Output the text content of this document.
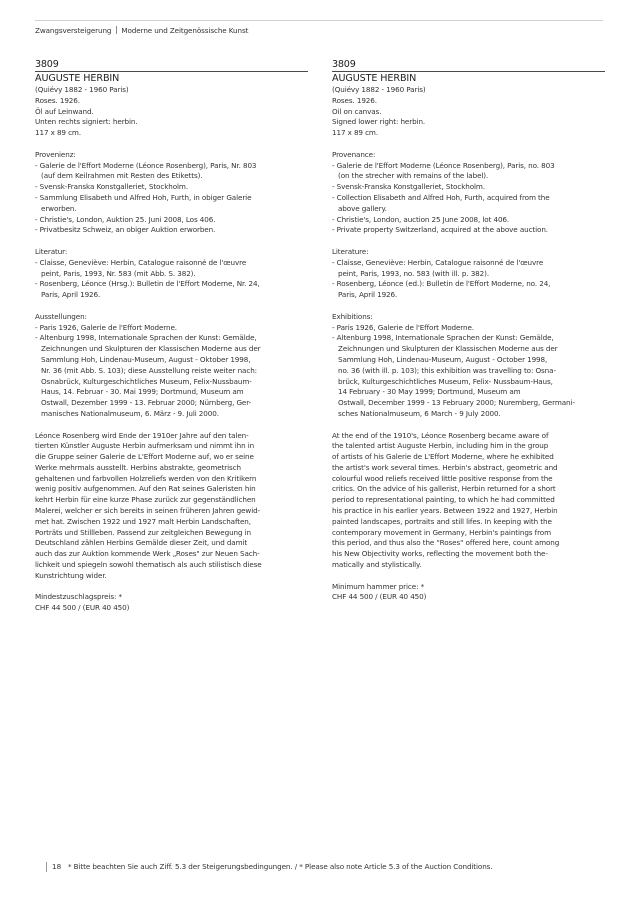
Zwangsversteigerung Moderne und Zeitgenössische Kunst
3809
AUGUSTE HERBIN
(Quiévy 1882 - 1960 Paris)
Roses. 1926.
Öl auf Leinwand.
Unten rechts signiert: herbin.
117 x 89 cm.
Provenienz:
- Galerie de l'Effort Moderne (Léonce Rosenberg), Paris, Nr. 803
(auf dem Keilrahmen mit Resten des Etiketts).
- Svensk-Franska Konstgalleriet, Stockholm.
- Sammlung Elisabeth und Alfred Hoh, Furth, in obiger Galerie
erworben.
- Christie's, London, Auktion 25. Juni 2008, Los 406.
- Privatbesitz Schweiz, an obiger Auktion erworben.
Literatur:
- Claisse, Geneviève: Herbin, Catalogue raisonné de l'œuvre
peint, Paris, 1993, Nr. 583 (mit Abb. S. 382).
- Rosenberg, Léonce (Hrsg.): Bulletin de l'Effort Moderne, Nr. 24,
Paris, April 1926.
Ausstellungen:
- Paris 1926, Galerie de l'Effort Moderne.
- Altenburg 1998, Internationale Sprachen der Kunst: Gemälde,
Zeichnungen und Skulpturen der Klassischen Moderne aus der
Sammlung Hoh, Lindenau-Museum, August - Oktober 1998,
Nr. 36 (mit Abb. S. 103); diese Ausstellung reiste weiter nach:
Osnabrück, Kulturgeschichtliches Museum, Felix-Nussbaum-
Haus, 14. Februar - 30. Mai 1999; Dortmund, Museum am
Ostwall, Dezember 1999 - 13. Februar 2000; Nürnberg, Ger-
manisches Nationalmuseum, 6. März - 9. Juli 2000.
Léonce Rosenberg wird Ende der 1910er Jahre auf den talen-
tierten Künstler Auguste Herbin aufmerksam und nimmt ihn in
die Gruppe seiner Galerie de L'Effort Moderne auf, wo er seine
Werke mehrmals ausstellt. Herbins abstrakte, geometrisch
gehaltenen und farbvollen Holzreliefs werden von den Kritikern
wenig positiv aufgenommen. Auf den Rat seines Galeristen hin
kehrt Herbin für eine kurze Phase zurück zur gegenständlichen
Malerei, welcher er sich bereits in seinen früheren Jahren gewid-
met hat. Zwischen 1922 und 1927 malt Herbin Landschaften,
Porträts und Stillleben. Passend zur zeitgleichen Bewegung in
Deutschland zählen Herbins Gemälde dieser Zeit, und damit
auch das zur Auktion kommende Werk „Roses" zur Neuen Sach-
lichkeit und spiegeln sowohl thematisch als auch stilistisch diese
Kunstrichtung wider.
Mindestzuschlagspreis: *
CHF 44 500 / (EUR 40 450)
3809
AUGUSTE HERBIN
(Quiévy 1882 - 1960 Paris)
Roses. 1926.
Oil on canvas.
Signed lower right: herbin.
117 x 89 cm.
Provenance:
- Galerie de l'Effort Moderne (Léonce Rosenberg), Paris, no. 803
(on the strecher with remains of the label).
- Svensk-Franska Konstgalleriet, Stockholm.
- Collection Elisabeth and Alfred Hoh, Furth, acquired from the
above gallery.
- Christie's, London, auction 25 June 2008, lot 406.
- Private property Switzerland, acquired at the above auction.
Literature:
- Claisse, Geneviève: Herbin, Catalogue raisonné de l'œuvre
peint, Paris, 1993, no. 583 (with ill. p. 382).
- Rosenberg, Léonce (ed.): Bulletin de l'Effort Moderne, no. 24,
Paris, April 1926.
Exhibitions:
- Paris 1926, Galerie de l'Effort Moderne.
- Altenburg 1998, Internationale Sprachen der Kunst: Gemälde,
Zeichnungen und Skulpturen der Klassischen Moderne aus der
Sammlung Hoh, Lindenau-Museum, August - October 1998,
no. 36 (with ill. p. 103); this exhibition was travelling to: Osna-
brück, Kulturgeschichtliches Museum, Felix- Nussbaum-Haus,
14 February - 30 May 1999; Dortmund, Museum am
Ostwall, December 1999 - 13 February 2000; Nuremberg, Germani-
sches Nationalmuseum, 6 March - 9 July 2000.
At the end of the 1910's, Léonce Rosenberg became aware of
the talented artist Auguste Herbin, including him in the group
of artists of his Galerie de L'Effort Moderne, where he exhibited
the artist's work several times. Herbin's abstract, geometric and
colourful wood reliefs received little positive response from the
critics. On the advice of his gallerist, Herbin returned for a short
period to representational painting, to which he had committed
his practice in his earlier years. Between 1922 and 1927, Herbin
painted landscapes, portraits and still lifes. In keeping with the
contemporary movement in Germany, Herbin's paintings from
this period, and thus also the "Roses" offered here, count among
his New Objectivity works, reflecting the movement both the-
matically and stylistically.
Minimum hammer price: *
CHF 44 500 / (EUR 40 450)
18 * Bitte beachten Sie auch Ziff. 5.3 der Steigerungsbedingungen. / * Please also note Article 5.3 of the Auction Conditions.
